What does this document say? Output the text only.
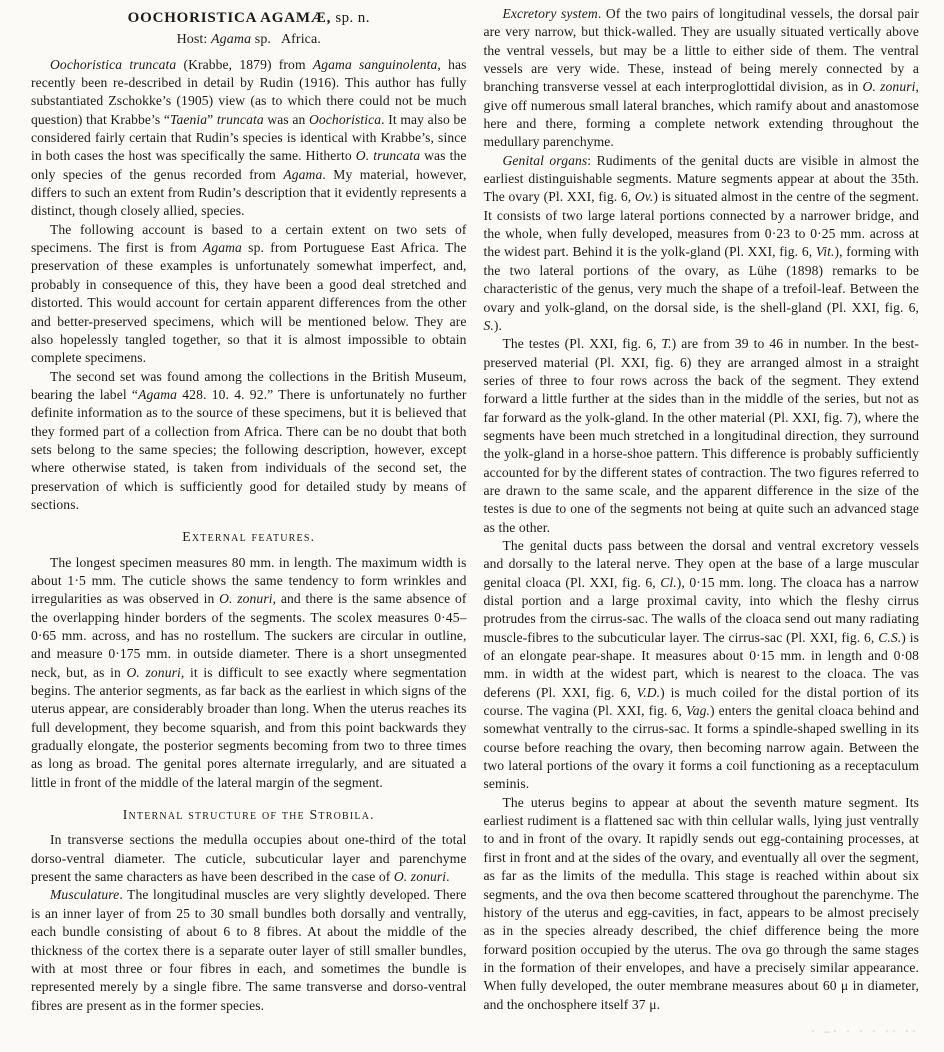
OOCHORISTICA AGAMÆ, sp. n.

Host: Agama sp.  Africa.

Oochoristica truncata (Krabbe, 1879) from Agama sanguinolenta, has recently been re-described in detail by Rudin (1916). This author has fully substantiated Zschokke’s (1905) view (as to which there could not be much question) that Krabbe’s “Taenia” truncata was an Oochoristica. It may also be considered fairly certain that Rudin’s species is identical with Krabbe’s, since in both cases the host was specifically the same. Hitherto O. truncata was the only species of the genus recorded from Agama. My material, however, differs to such an extent from Rudin’s description that it evidently represents a distinct, though closely allied, species.

The following account is based to a certain extent on two sets of specimens. The first is from Agama sp. from Portuguese East Africa. The preservation of these examples is unfortunately somewhat imperfect, and, probably in consequence of this, they have been a good deal stretched and distorted. This would account for certain apparent differences from the other and better-preserved specimens, which will be mentioned below. They are also hopelessly tangled together, so that it is almost impossible to obtain complete specimens.

The second set was found among the collections in the British Museum, bearing the label “Agama 428. 10. 4. 92.” There is unfortunately no further definite information as to the source of these specimens, but it is believed that they formed part of a collection from Africa. There can be no doubt that both sets belong to the same species; the following description, however, except where otherwise stated, is taken from individuals of the second set, the preservation of which is sufficiently good for detailed study by means of sections.

External features.

The longest specimen measures 80 mm. in length. The maximum width is about 1·5 mm. The cuticle shows the same tendency to form wrinkles and irregularities as was observed in O. zonuri, and there is the same absence of the overlapping hinder borders of the segments. The scolex measures 0·45–0·65 mm. across, and has no rostellum. The suckers are circular in outline, and measure 0·175 mm. in outside diameter. There is a short unsegmented neck, but, as in O. zonuri, it is difficult to see exactly where segmentation begins. The anterior segments, as far back as the earliest in which signs of the uterus appear, are considerably broader than long. When the uterus reaches its full development, they become squarish, and from this point backwards they gradually elongate, the posterior segments becoming from two to three times as long as broad. The genital pores alternate irregularly, and are situated a little in front of the middle of the lateral margin of the segment.

Internal structure of the Strobila.

In transverse sections the medulla occupies about one-third of the total dorso-ventral diameter. The cuticle, subcuticular layer and parenchyme present the same characters as have been described in the case of O. zonuri.

Musculature. The longitudinal muscles are very slightly developed. There is an inner layer of from 25 to 30 small bundles both dorsally and ventrally, each bundle consisting of about 6 to 8 fibres. At about the middle of the thickness of the cortex there is a separate outer layer of still smaller bundles, with at most three or four fibres in each, and sometimes the bundle is represented merely by a single fibre. The same transverse and dorso-ventral fibres are present as in the former species.

Excretory system. Of the two pairs of longitudinal vessels, the dorsal pair are very narrow, but thick-walled. They are usually situated vertically above the ventral vessels, but may be a little to either side of them. The ventral vessels are very wide. These, instead of being merely connected by a branching transverse vessel at each interproglottidal division, as in O. zonuri, give off numerous small lateral branches, which ramify about and anastomose here and there, forming a complete network extending throughout the medullary parenchyme.

Genital organs: Rudiments of the genital ducts are visible in almost the earliest distinguishable segments. Mature segments appear at about the 35th. The ovary (Pl. XXI, fig. 6, Ov.) is situated almost in the centre of the segment. It consists of two large lateral portions connected by a narrower bridge, and the whole, when fully developed, measures from 0·23 to 0·25 mm. across at the widest part. Behind it is the yolk-gland (Pl. XXI, fig. 6, Vit.), forming with the two lateral portions of the ovary, as Lühe (1898) remarks to be characteristic of the genus, very much the shape of a trefoil-leaf. Between the ovary and yolk-gland, on the dorsal side, is the shell-gland (Pl. XXI, fig. 6, S.).

The testes (Pl. XXI, fig. 6, T.) are from 39 to 46 in number. In the best-preserved material (Pl. XXI, fig. 6) they are arranged almost in a straight series of three to four rows across the back of the segment. They extend forward a little further at the sides than in the middle of the series, but not as far forward as the yolk-gland. In the other material (Pl. XXI, fig. 7), where the segments have been much stretched in a longitudinal direction, they surround the yolk-gland in a horse-shoe pattern. This difference is probably sufficiently accounted for by the different states of contraction. The two figures referred to are drawn to the same scale, and the apparent difference in the size of the testes is due to one of the segments not being at quite such an advanced stage as the other.

The genital ducts pass between the dorsal and ventral excretory vessels and dorsally to the lateral nerve. They open at the base of a large muscular genital cloaca (Pl. XXI, fig. 6, Cl.), 0·15 mm. long. The cloaca has a narrow distal portion and a large proximal cavity, into which the fleshy cirrus protrudes from the cirrus-sac. The walls of the cloaca send out many radiating muscle-fibres to the subcuticular layer. The cirrus-sac (Pl. XXI, fig. 6, C.S.) is of an elongate pear-shape. It measures about 0·15 mm. in length and 0·08 mm. in width at the widest part, which is nearest to the cloaca. The vas deferens (Pl. XXI, fig. 6, V.D.) is much coiled for the distal portion of its course. The vagina (Pl. XXI, fig. 6, Vag.) enters the genital cloaca behind and somewhat ventrally to the cirrus-sac. It forms a spindle-shaped swelling in its course before reaching the ovary, then becoming narrow again. Between the two lateral portions of the ovary it forms a coil functioning as a receptaculum seminis.

The uterus begins to appear at about the seventh mature segment. Its earliest rudiment is a flattened sac with thin cellular walls, lying just ventrally to and in front of the ovary. It rapidly sends out egg-containing processes, at first in front and at the sides of the ovary, and eventually all over the segment, as far as the limits of the medulla. This stage is reached within about six segments, and the ova then become scattered throughout the parenchyme. The history of the uterus and egg-cavities, in fact, appears to be almost precisely as in the species already described, the chief difference being the more forward position occupied by the uterus. The ova go through the same stages in the formation of their envelopes, and have a precisely similar appearance. When fully developed, the outer membrane measures about 60 μ in diameter, and the onchosphere itself 37 μ.

· –· · · · ·· ··
